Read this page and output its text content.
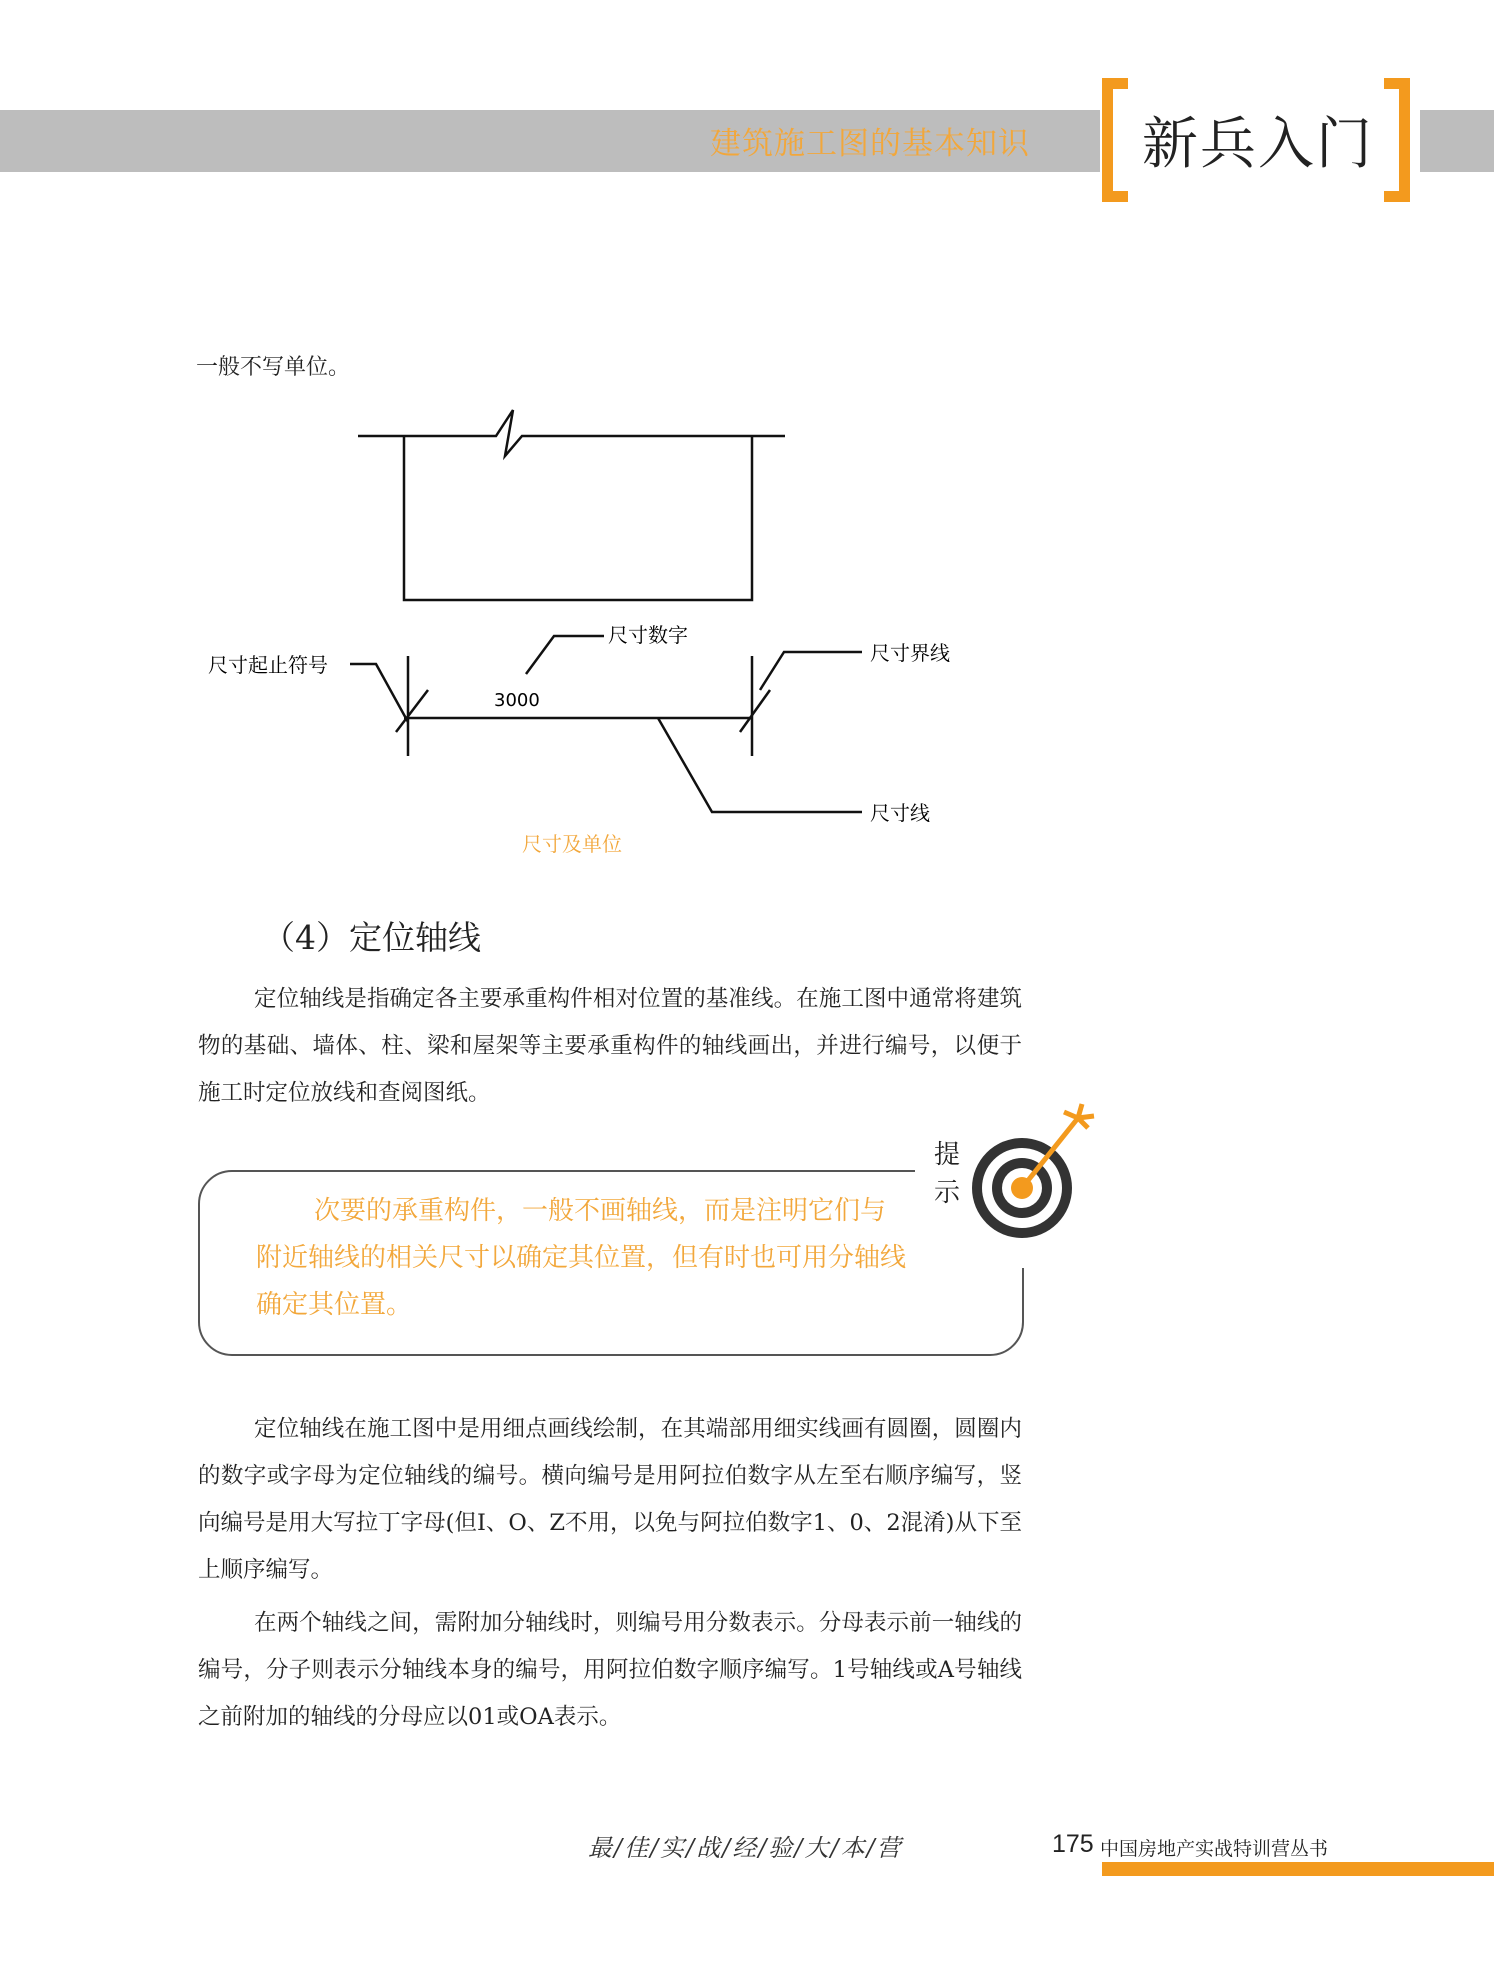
建筑施工图的基本知识 新兵入门
一般不写单位。
尺寸起止符号
尺寸数字
尺寸界线
尺寸线
3000
尺寸及单位
（4）定位轴线

定位轴线是指确定各主要承重构件相对位置的基准线。在施工图中通常将建筑物的基础、墙体、柱、梁和屋架等主要承重构件的轴线画出，并进行编号，以便于施工时定位放线和查阅图纸。

提
示

次要的承重构件，一般不画轴线，而是注明它们与附近轴线的相关尺寸以确定其位置，但有时也可用分轴线确定其位置。

定位轴线在施工图中是用细点画线绘制，在其端部用细实线画有圆圈，圆圈内的数字或字母为定位轴线的编号。横向编号是用阿拉伯数字从左至右顺序编写，竖向编号是用大写拉丁字母(但I、O、Z不用，以免与阿拉伯数字1、0、2混淆)从下至上顺序编写。

在两个轴线之间，需附加分轴线时，则编号用分数表示。分母表示前一轴线的编号，分子则表示分轴线本身的编号，用阿拉伯数字顺序编写。1号轴线或A号轴线之前附加的轴线的分母应以01或OA表示。

最/佳/实/战/经/验/大/本/营	175 中国房地产实战特训营丛书
